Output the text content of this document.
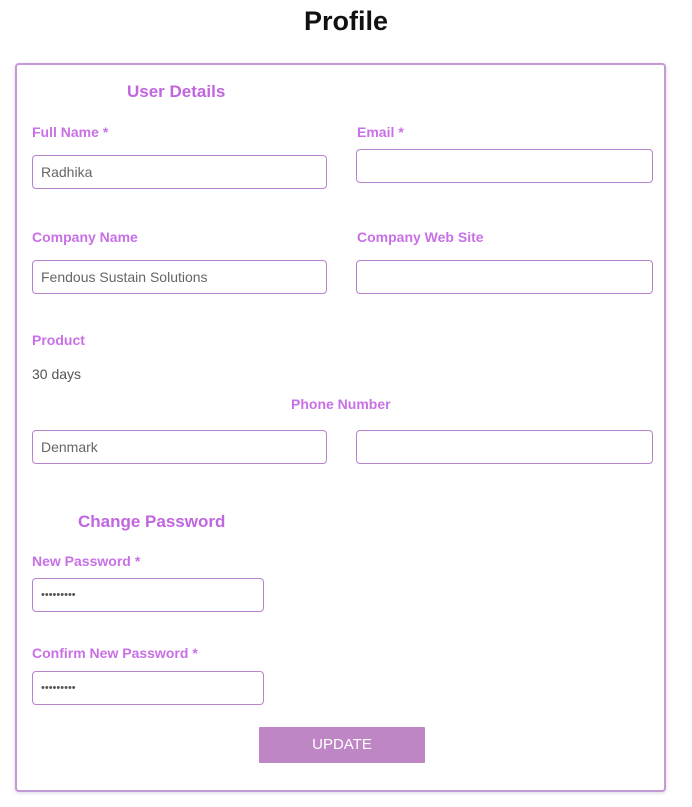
Profile
User Details
Full Name *
Radhika	Email *
Company Name
Fendous Sustain Solutions	Company Web Site
Product
30 days
Phone Number
Denmark
Change Password
New Password *
•••••••••
Confirm New Password *
•••••••••
UPDATE
